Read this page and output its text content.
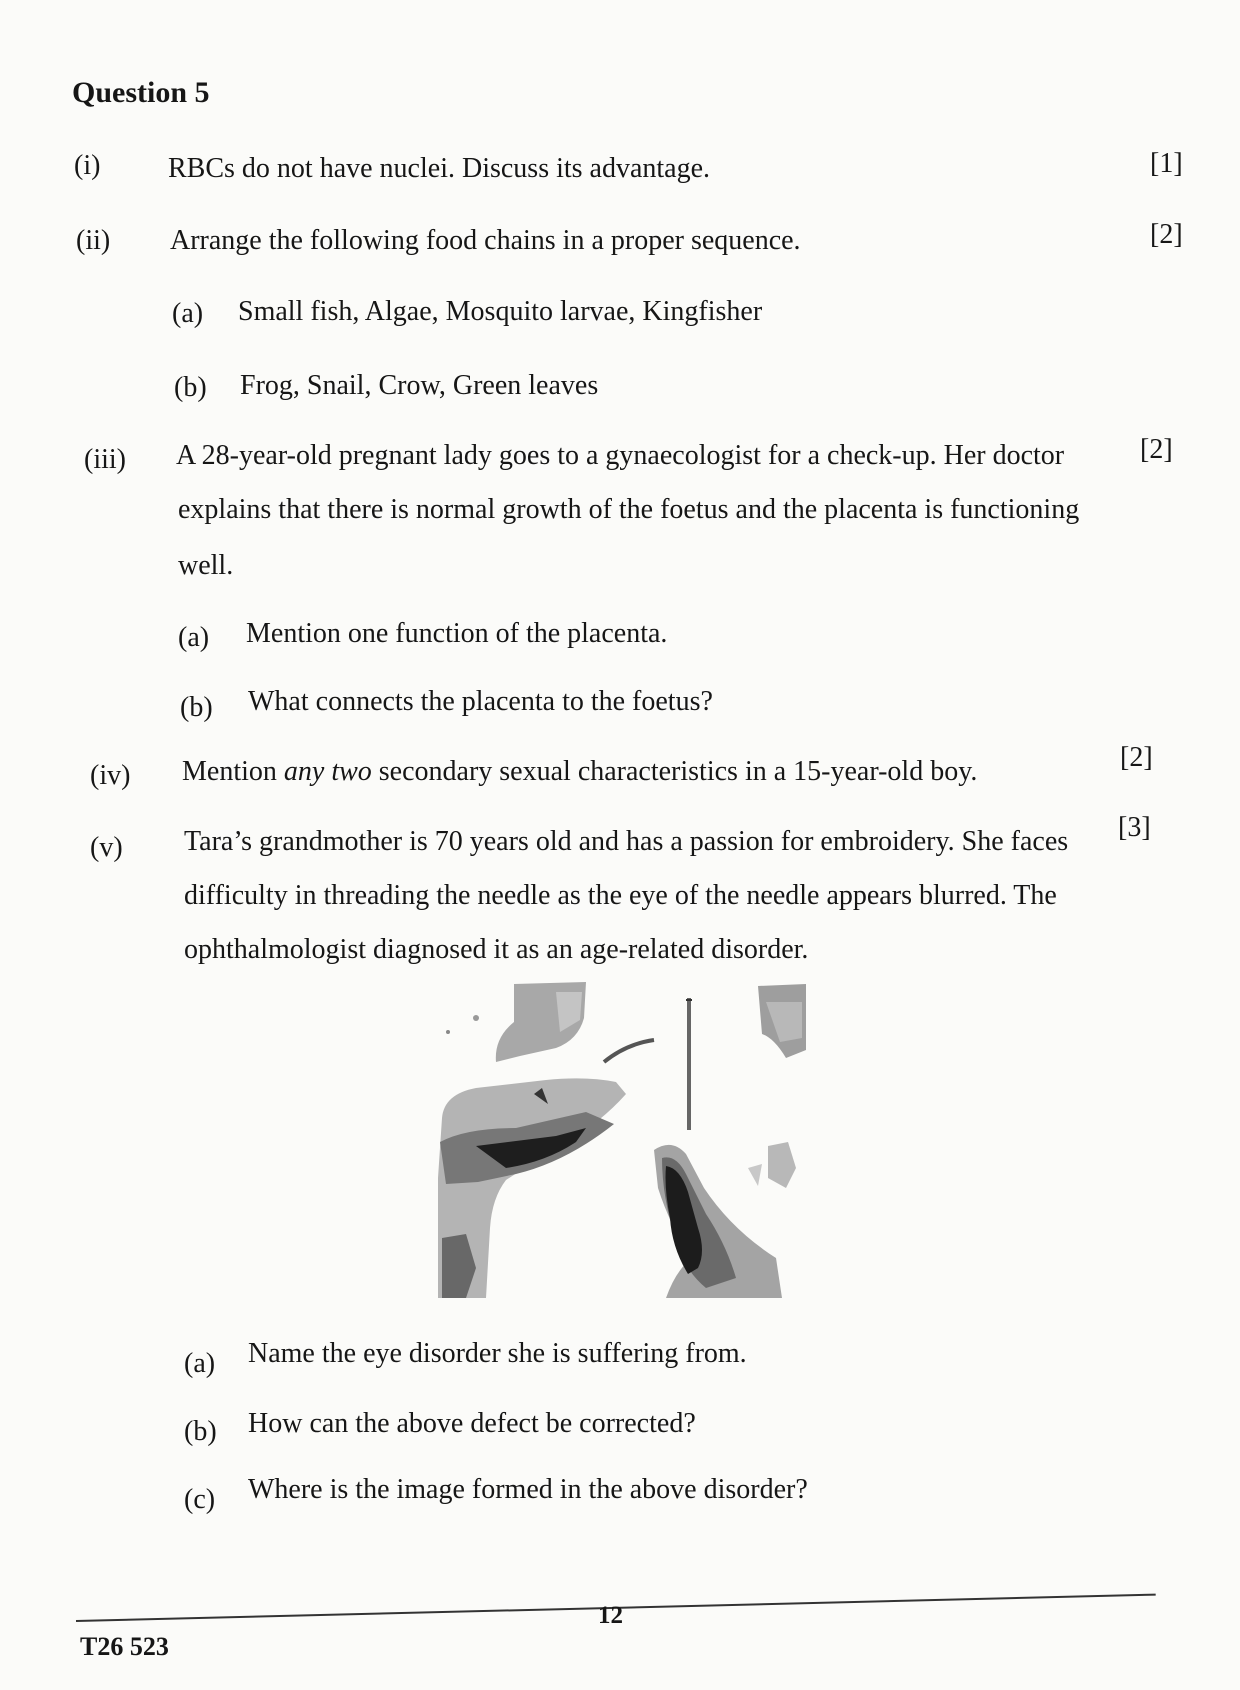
Question 5
(i) RBCs do not have nuclei. Discuss its advantage.	[1]
(ii) Arrange the following food chains in a proper sequence.	[2]
(a) Small fish, Algae, Mosquito larvae, Kingfisher
(b) Frog, Snail, Crow, Green leaves
(iii) A 28-year-old pregnant lady goes to a gynaecologist for a check-up. Her doctor	[2]
explains that there is normal growth of the foetus and the placenta is functioning
well.
(a) Mention one function of the placenta.
(b) What connects the placenta to the foetus?
(iv) Mention any two secondary sexual characteristics in a 15-year-old boy.	[2]
(v) Tara’s grandmother is 70 years old and has a passion for embroidery. She faces [3]
difficulty in threading the needle as the eye of the needle appears blurred. The
ophthalmologist diagnosed it as an age-related disorder.
(a) Name the eye disorder she is suffering from.
(b) How can the above defect be corrected?
(c) Where is the image formed in the above disorder?
12
T26 523
